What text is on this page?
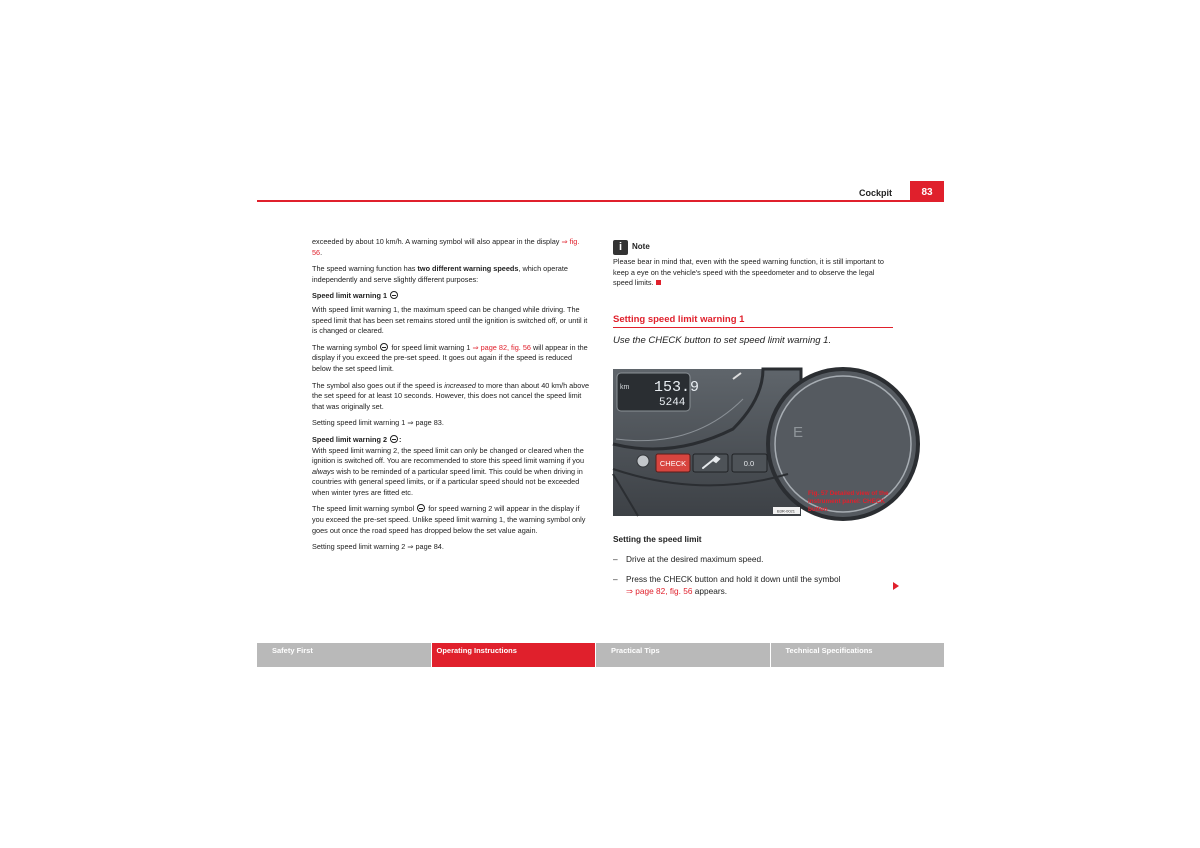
Cockpit	83

exceeded by about 10 km/h. A warning symbol will also appear in the display ⇒ fig. 56.

The speed warning function has two different warning speeds, which operate independently and serve slightly different purposes:

Speed limit warning 1

With speed limit warning 1, the maximum speed can be changed while driving. The speed limit that has been set remains stored until the ignition is switched off, or until it is changed or cleared.

The warning symbol for speed limit warning 1 ⇒ page 82, fig. 56 will appear in the display if you exceed the pre-set speed. It goes out again if the speed is reduced below the set speed limit.

The symbol also goes out if the speed is increased to more than about 40 km/h above the set speed for at least 10 seconds. However, this does not cancel the speed limit that was originally set.

Setting speed limit warning 1 ⇒ page 83.

Speed limit warning 2 :

With speed limit warning 2, the speed limit can only be changed or cleared when the ignition is switched off. You are recommended to store this speed limit warning if you always wish to be reminded of a particular speed limit. This could be when driving in countries with general speed limits, or if a particular speed should not be exceeded when winter tyres are fitted etc.

The speed limit warning symbol for speed warning 2 will appear in the display if you exceed the pre-set speed. Unlike speed limit warning 1, the warning symbol only goes out once the road speed has dropped below the set value again.

Setting speed limit warning 2 ⇒ page 84.

i Note
Please bear in mind that, even with the speed warning function, it is still important to keep a eye on the vehicle's speed with the speedometer and to observe the legal speed limits.
Setting speed limit warning 1
Use the CHECK button to set speed limit warning 1.
km 153.9
5244
CHECK	0.0
E
B3R-0021
Fig. 57 Detailed view of the instrument panel: CHECK button
Setting the speed limit
–	Drive at the desired maximum speed.
–	Press the CHECK button and hold it down until the symbol
⇒ page 82, fig. 56 appears.
Safety First	Operating Instructions	Practical Tips	Technical Specifications
